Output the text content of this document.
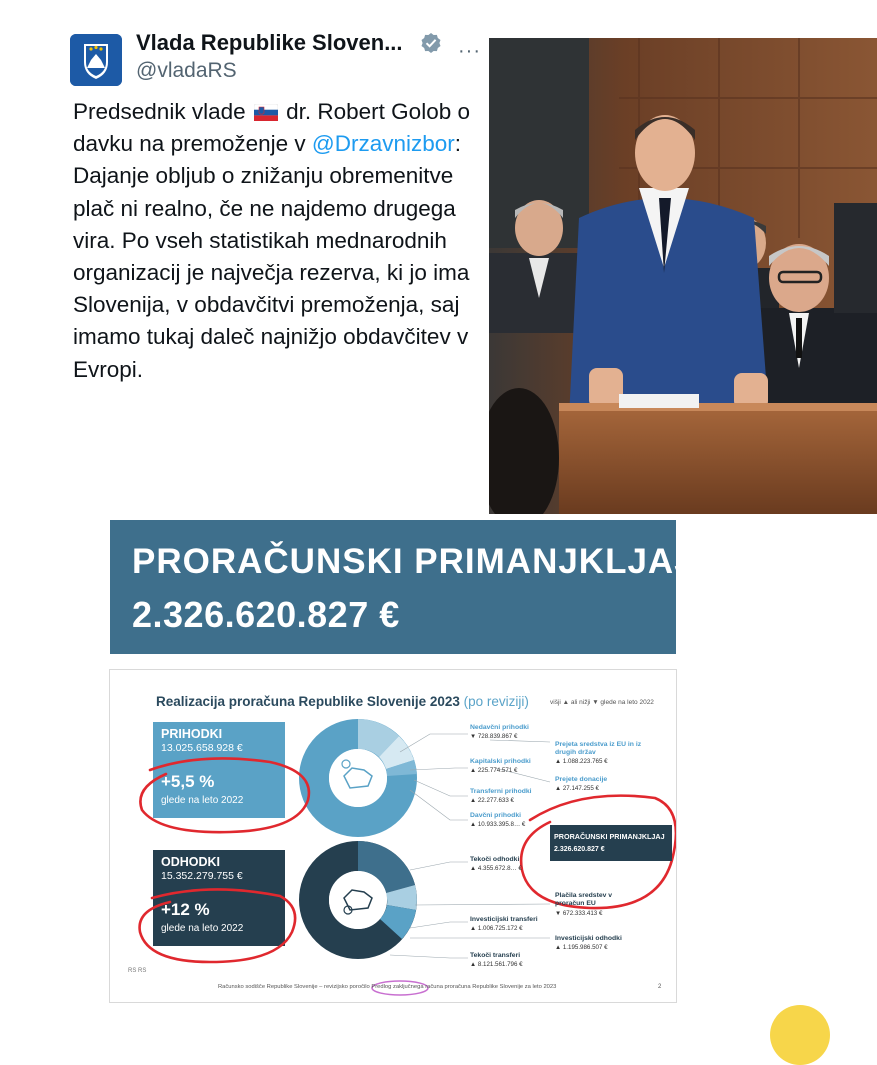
Vlada Republike Sloven...
@vladaRS
···
Predsednik vlade  dr. Robert Golob o davku na premoženje v @Drzavnizbor: Dajanje obljub o znižanju obremenitve plač ni realno, če ne najdemo drugega vira. Po vseh statistikah mednarodnih organizacij je največja rezerva, ki jo ima Slovenija, v obdavčitvi premoženja, saj imamo tukaj daleč najnižjo obdavčitev v Evropi.
PRORAČUNSKI PRIMANJKLJAJ
2.326.620.827 €
Realizacija proračuna Republike Slovenije 2023 (po reviziji)	višji ▲ ali nižji ▼ glede na leto 2022
PRIHODKI
13.025.658.928 €
+5,5 %
glede na leto 2022
ODHODKI
15.352.279.755 €
+12 %
glede na leto 2022
Nedavčni prihodki
▼ 728.839.867 €
Prejeta sredstva iz EU in iz drugih držav
▲ 1.088.223.765 €
Kapitalski prihodki
▲ 225.774.571 €
Prejete donacije
▲ 27.147.255 €
Transferni prihodki
▲ 22.277.633 €
Davčni prihodki
▲ 10.933.395.8… €
PRORAČUNSKI PRIMANJKLJAJ
2.326.620.827 €
Tekoči odhodki
▲ 4.355.672.8… €
Plačila sredstev v proračun EU
▼ 672.333.413 €
Investicijski transferi
▲ 1.006.725.172 €
Investicijski odhodki
▲ 1.195.986.507 €
Tekoči transferi
▲ 8.121.561.796 €
RS RS
Računsko sodišče Republike Slovenije – revizijsko poročilo Predlog zaključnega računa proračuna Republike Slovenije za leto 2023	2
